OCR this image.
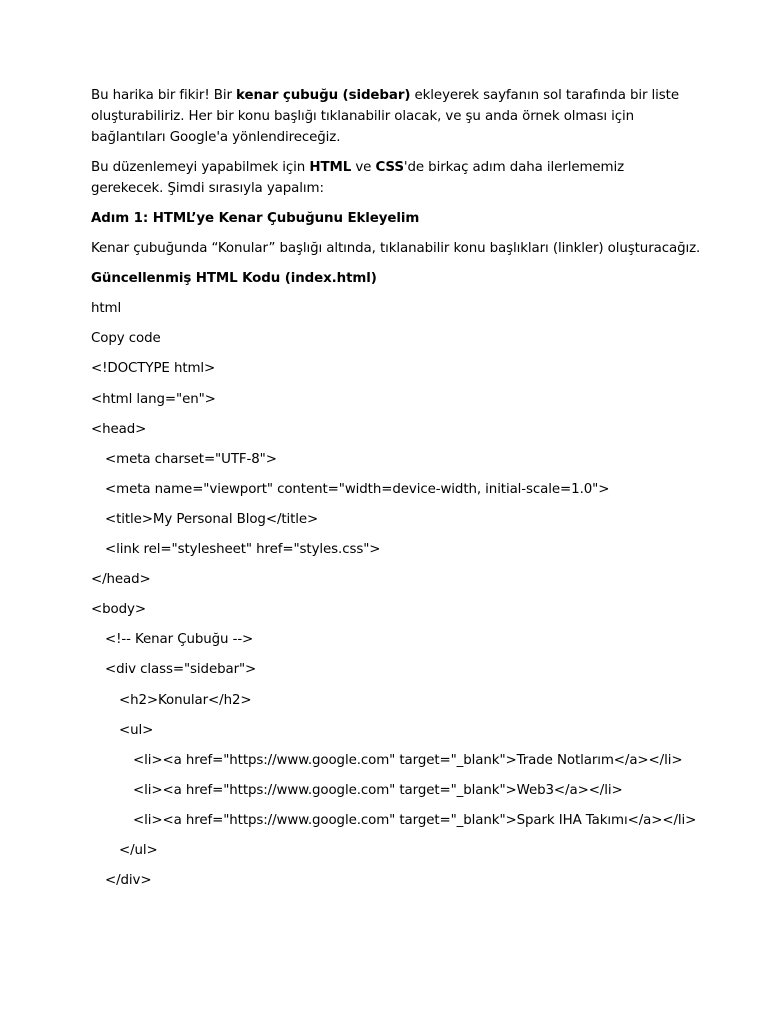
Bu harika bir fikir! Bir kenar çubuğu (sidebar) ekleyerek sayfanın sol tarafında bir liste oluşturabiliriz. Her bir konu başlığı tıklanabilir olacak, ve şu anda örnek olması için bağlantıları Google'a yönlendireceğiz.

Bu düzenlemeyi yapabilmek için HTML ve CSS'de birkaç adım daha ilerlememiz gerekecek. Şimdi sırasıyla yapalım:

Adım 1: HTML’ye Kenar Çubuğunu Ekleyelim
Kenar çubuğunda “Konular” başlığı altında, tıklanabilir konu başlıkları (linkler) oluşturacağız.
Güncellenmiş HTML Kodu (index.html)
html
Copy code
<!DOCTYPE html>
<html lang="en">
<head>
<meta charset="UTF-8">
<meta name="viewport" content="width=device-width, initial-scale=1.0">
<title>My Personal Blog</title>
<link rel="stylesheet" href="styles.css">
</head>
<body>
<!-- Kenar Çubuğu -->
<div class="sidebar">
<h2>Konular</h2>
<ul>
<li><a href="https://www.google.com" target="_blank">Trade Notlarım</a></li>
<li><a href="https://www.google.com" target="_blank">Web3</a></li>
<li><a href="https://www.google.com" target="_blank">Spark IHA Takımı</a></li>
</ul>
</div>
